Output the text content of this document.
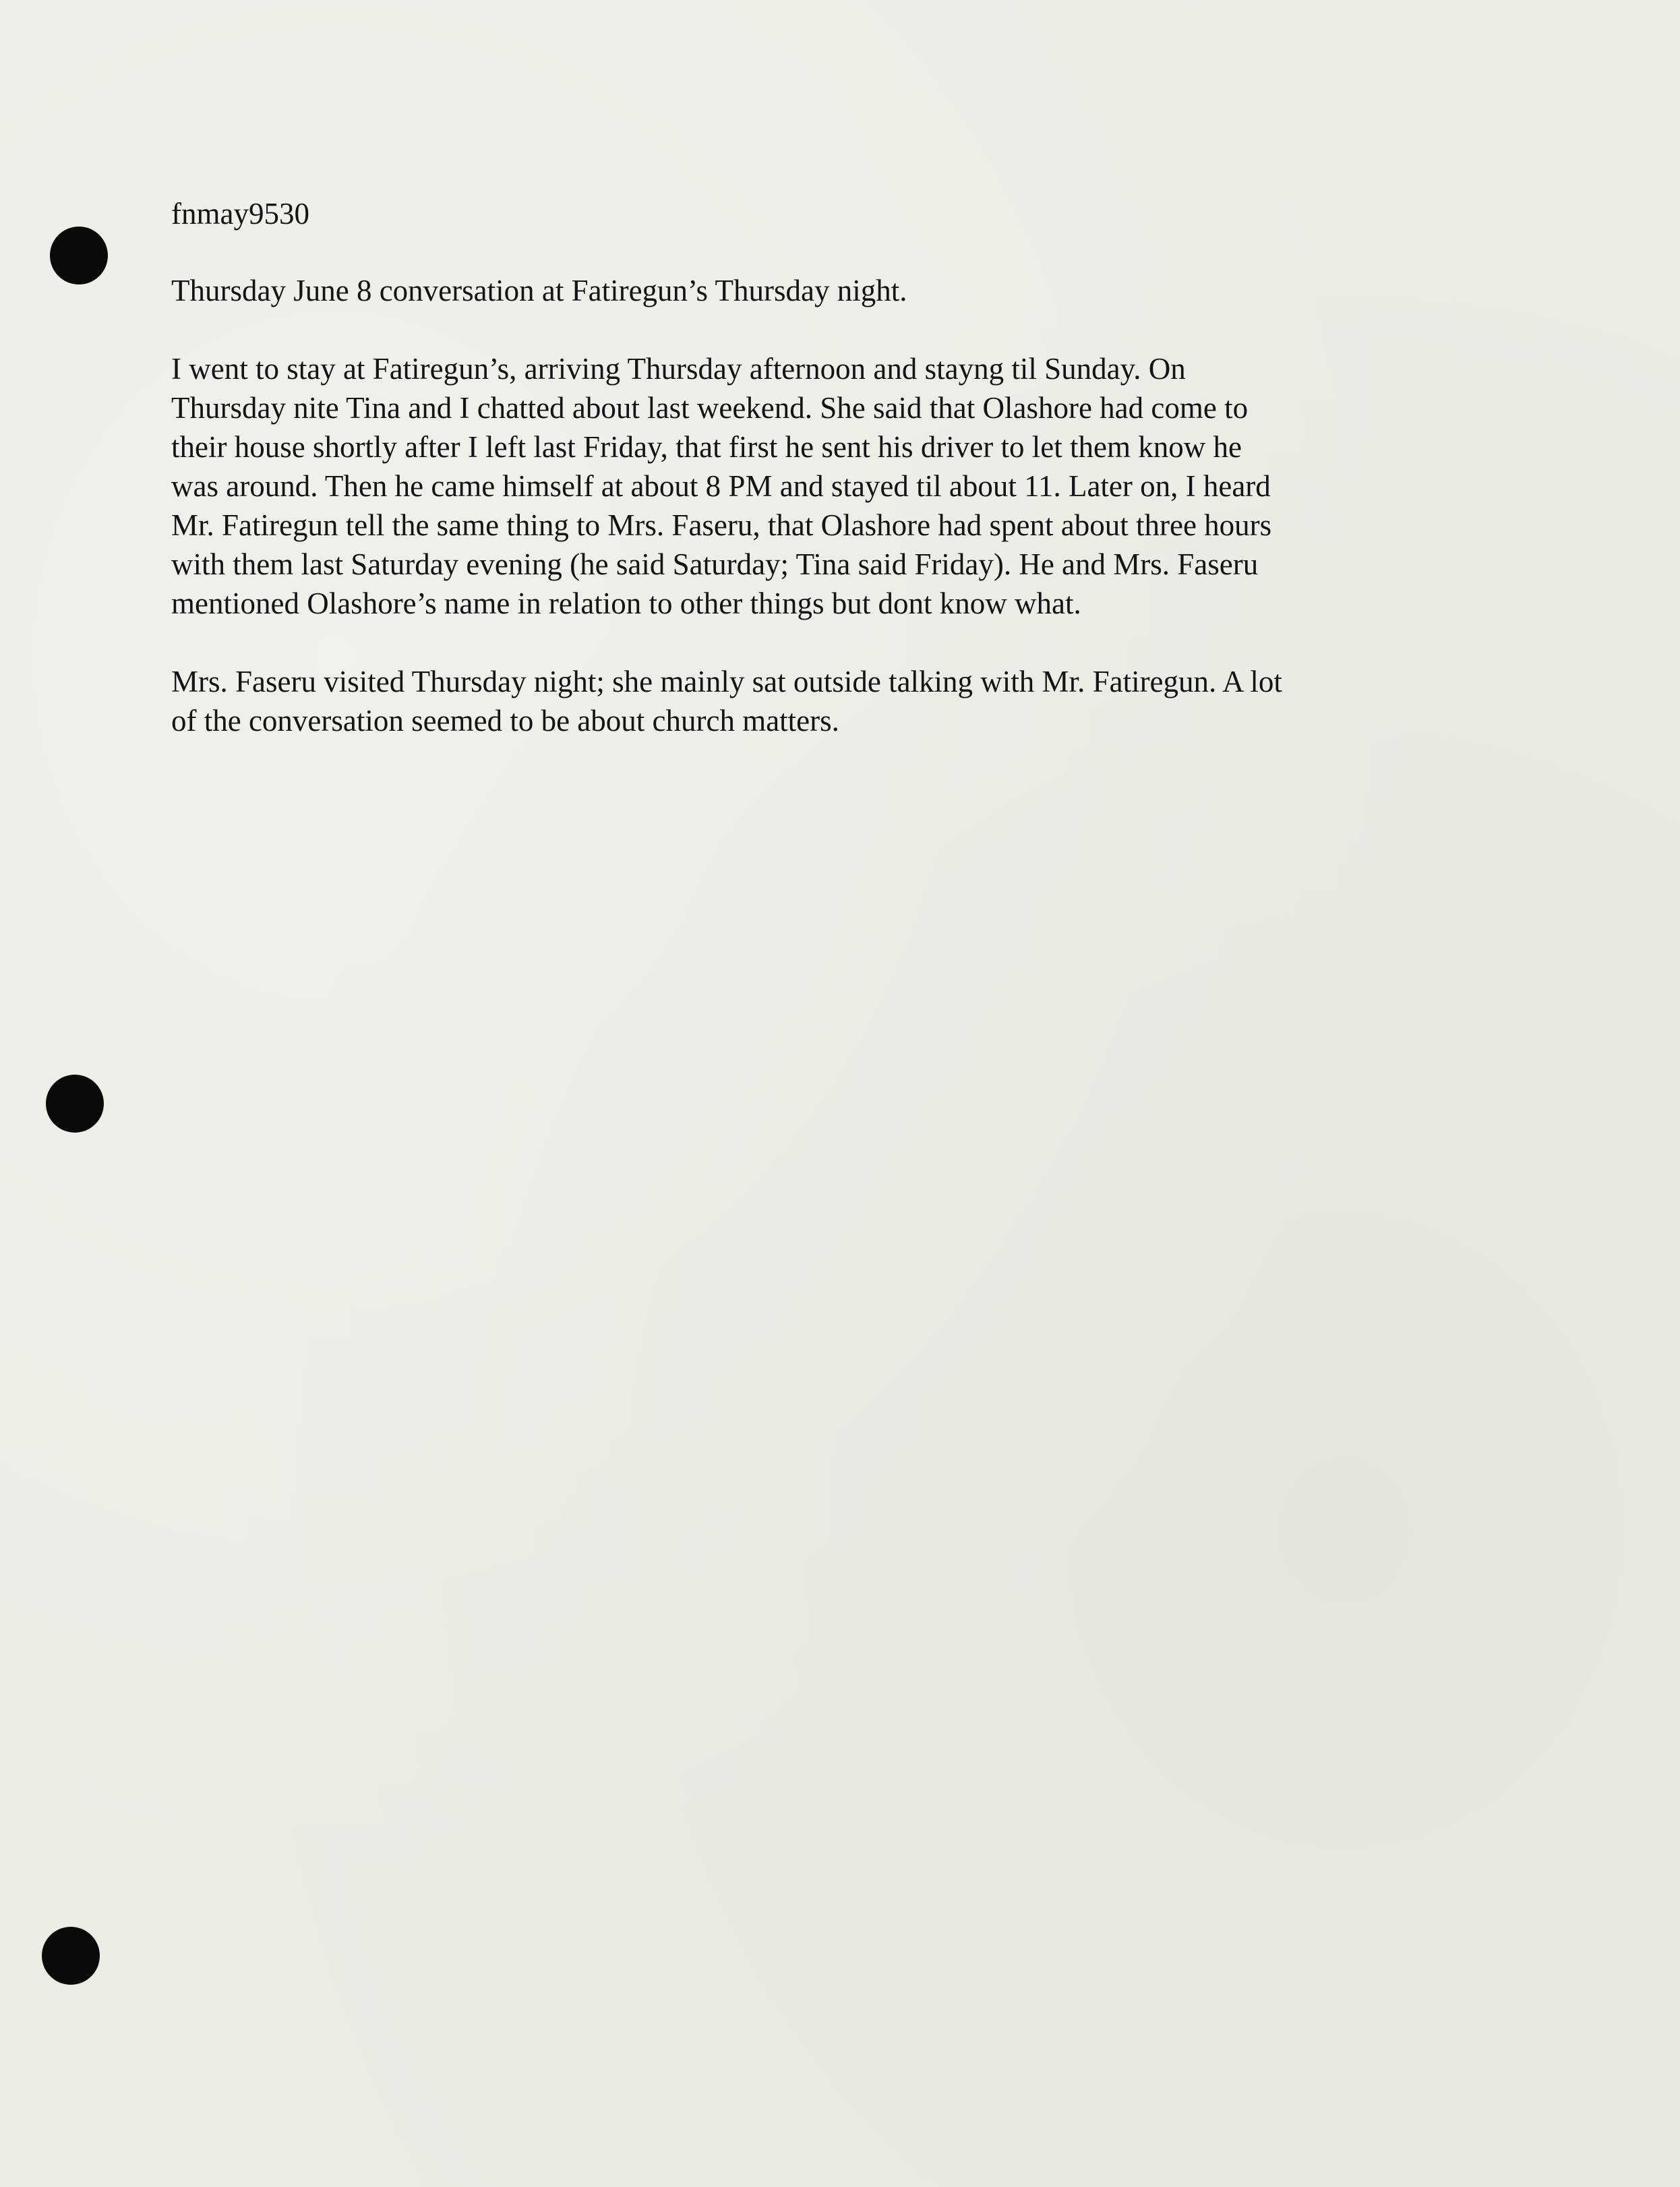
fnmay9530

Thursday June 8 conversation at Fatiregun’s Thursday night.

I went to stay at Fatiregun’s, arriving Thursday afternoon and stayng til Sunday. On
Thursday nite Tina and I chatted about last weekend. She said that Olashore had come to
their house shortly after I left last Friday, that first he sent his driver to let them know he
was around. Then he came himself at about 8 PM and stayed til about 11. Later on, I heard
Mr. Fatiregun tell the same thing to Mrs. Faseru, that Olashore had spent about three hours
with them last Saturday evening (he said Saturday; Tina said Friday). He and Mrs. Faseru
mentioned Olashore’s name in relation to other things but dont know what.

Mrs. Faseru visited Thursday night; she mainly sat outside talking with Mr. Fatiregun. A lot
of the conversation seemed to be about church matters.
